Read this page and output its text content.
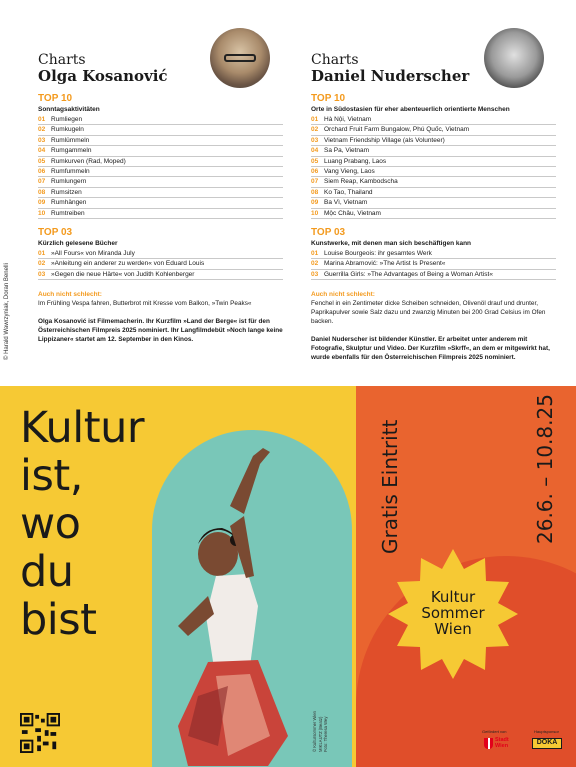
© Harald Wawrzyniak, Doran Benelli
Charts
Olga Kosanović
TOP 10
Sonntagsaktivitäten
01 Rumliegen
02 Rumkugeln
03 Rumlümmeln
04 Rumgammeln
05 Rumkurven (Rad, Moped)
06 Rumfummeln
07 Rumlungern
08 Rumsitzen
09 Rumhängen
10 Rumtreiben
TOP 03
Kürzlich gelesene Bücher
01 »All Fours« von Miranda July
02 »Anleitung ein anderer zu werden« von Eduard Louis
03 »Gegen die neue Härte« von Judith Kohlenberger
Auch nicht schlecht:
Im Frühling Vespa fahren, Butterbrot mit Kresse vom Balkon, »Twin Peaks«
Olga Kosanović ist Filmemacherin. Ihr Kurzfilm »Land der Berge« ist für den Österreichischen Filmpreis 2025 nominiert. Ihr Langfilmdebüt »Noch lange keine Lippizaner« startet am 12. September in den Kinos.
Charts
Daniel Nuderscher
TOP 10
Orte in Südostasien für eher abenteuerlich orientierte Menschen
01 Hà Nội, Vietnam
02 Orchard Fruit Farm Bungalow, Phú Quốc, Vietnam
03 Vietnam Friendship Village (als Volunteer)
04 Sa Pa, Vietnam
05 Luang Prabang, Laos
06 Vang Vieng, Laos
07 Siem Reap, Kambodscha
08 Ko Tao, Thailand
09 Ba Vì, Vietnam
10 Mộc Châu, Vietnam
TOP 03
Kunstwerke, mit denen man sich beschäftigen kann
01 Louise Bourgeois: ihr gesamtes Werk
02 Marina Abramović: »The Artist Is Present«
03 Guerrilla Girls: »The Advantages of Being a Woman Artist«
Auch nicht schlecht:
Fenchel in ein Zentimeter dicke Scheiben schneiden, Olivenöl drauf und drunter, Paprikapulver sowie Salz dazu und zwanzig Minuten bei 200 Grad Celsius im Ofen backen.
Daniel Nuderscher ist bildender Künstler. Er arbeitet unter anderem mit Fotografie, Skulptur und Video. Der Kurzfilm »Skrff«, an dem er mitgewirkt hat, wurde ebenfalls für den Österreichischen Filmpreis 2025 nominiert.
Kultur
ist,
wo
du
bist
Gratis Eintritt	26.6. – 10.8.25
Kultur
Sommer
Wien
© Kultursommer Wien MIKLAUTZ (Beatz) Foto: Theresa Wey	Gefördert von	Hauptsponsor
Stadt
Wien	DOKA
